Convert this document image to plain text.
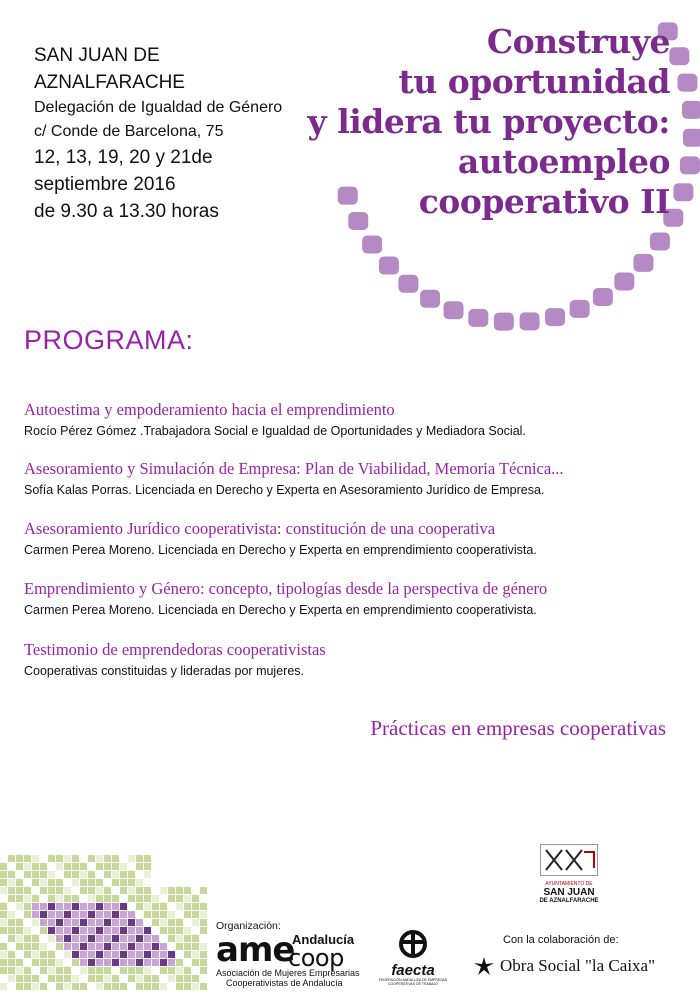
SAN JUAN DE
AZNALFARACHE
Delegación de Igualdad de Género
c/ Conde de Barcelona, 75
12, 13, 19, 20 y 21de
septiembre 2016
de 9.30 a 13.30 horas
Construye
tu oportunidad
y lidera tu proyecto:
autoempleo
cooperativo II
PROGRAMA:
Autoestima y empoderamiento hacia el emprendimiento
Rocío Pérez Gómez .Trabajadora Social e Igualdad de Oportunidades y Mediadora Social.
Asesoramiento y Simulación de Empresa: Plan de Viabilidad, Memoria Técnica...
Sofía Kalas Porras. Licenciada en Derecho y Experta en Asesoramiento Jurídico de Empresa.
Asesoramiento Jurídico cooperativista: constitución de una cooperativa
Carmen Perea Moreno. Licenciada en Derecho y Experta en emprendimiento cooperativista.
Emprendimiento y Género: concepto, tipologías desde la perspectiva de género
Carmen Perea Moreno. Licenciada en Derecho y Experta en emprendimiento cooperativista.
Testimonio de emprendedoras cooperativistas
Cooperativas constituidas y lideradas por mujeres.
Prácticas en empresas cooperativas
Organización:
ame
Andalucía
coop
Asociación de Mujeres Empresarias
Cooperativistas de Andalucía
faecta
FEDERACIÓN ANDALUZA DE EMPRESAS COOPERATIVAS DE TRABAJO
AYUNTAMIENTO DE
SAN JUAN
DE AZNALFARACHE
Con la colaboración de:
Obra Social "la Caixa"
